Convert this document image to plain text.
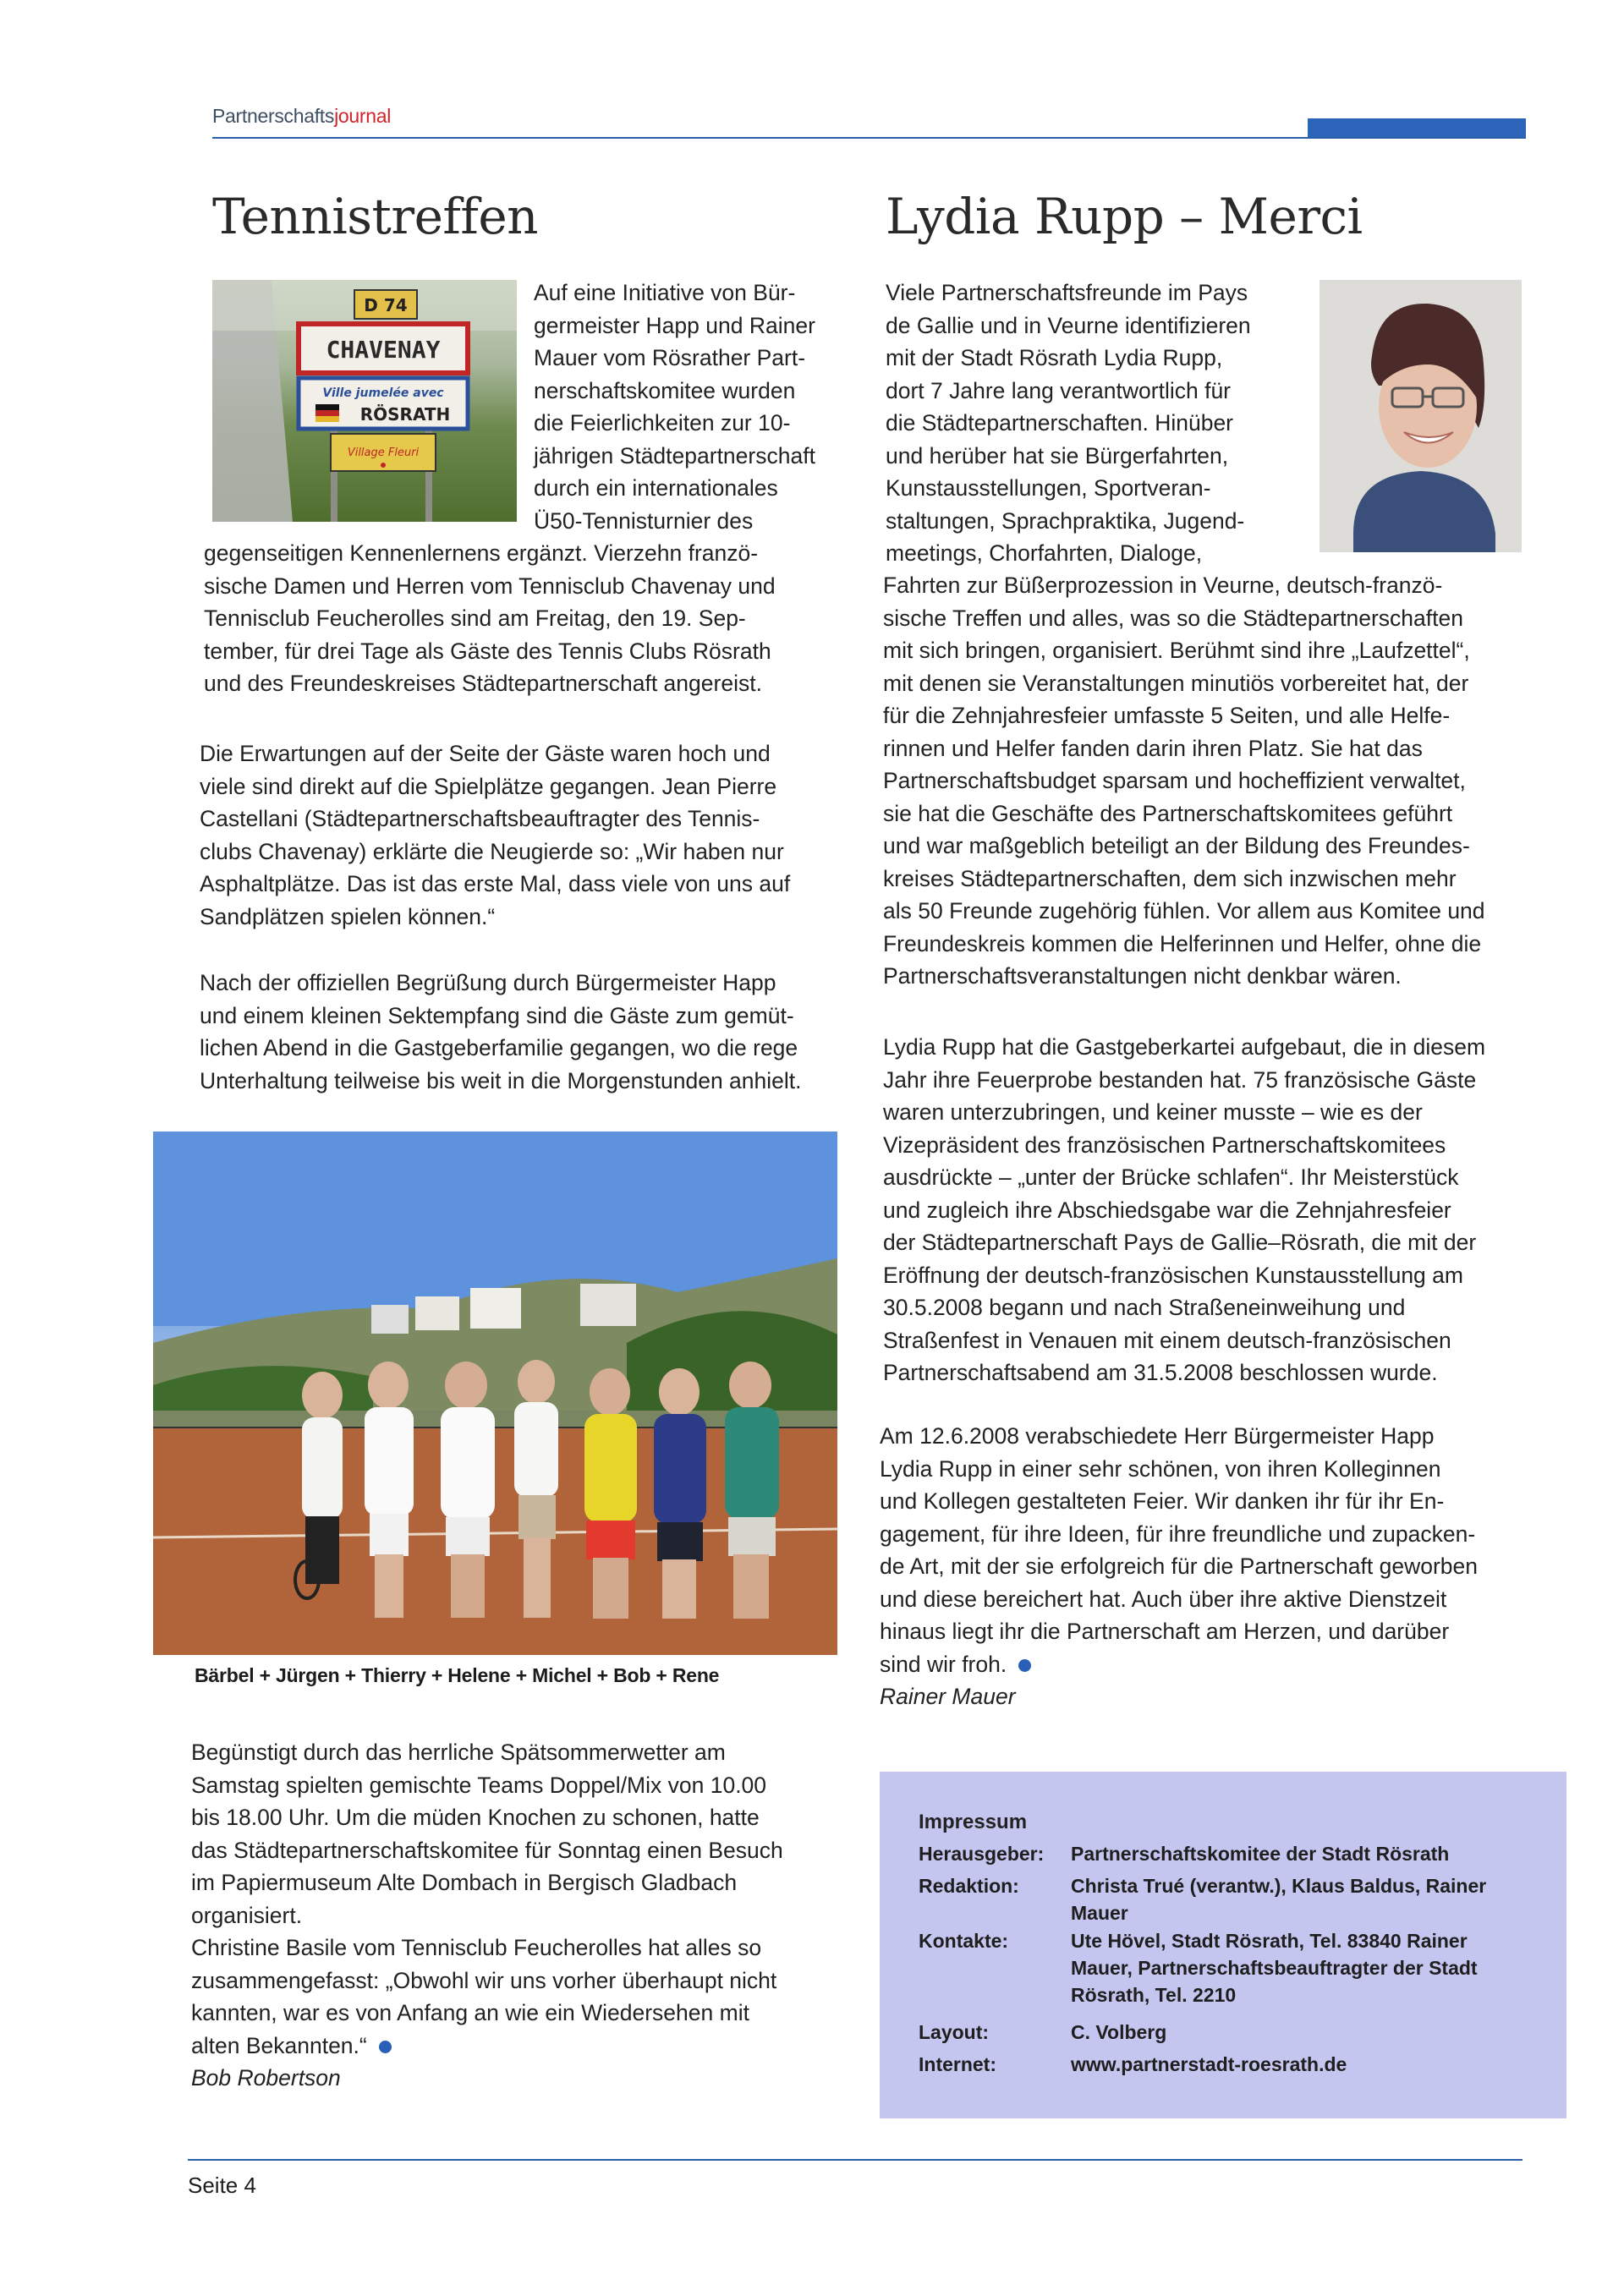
Partnerschaftsjournal
Tennistreffen
D 74
CHAVENAY
Ville jumelée avec
RÖSRATH
Village Fleuri

Auf eine Initiative von Bür-

germeister Happ und Rainer

Mauer vom Rösrather Part-

nerschaftskomitee wurden

die Feierlichkeiten zur 10-

jährigen Städtepartnerschaft

durch ein internationales

Ü50-Tennisturnier des

gegenseitigen Kennenlernens ergänzt. Vierzehn franzö-

sische Damen und Herren vom Tennisclub Chavenay und

Tennisclub Feucherolles sind am Freitag, den 19. Sep-

tember, für drei Tage als Gäste des Tennis Clubs Rösrath

und des Freundeskreises Städtepartnerschaft angereist.

Die Erwartungen auf der Seite der Gäste waren hoch und

viele sind direkt auf die Spielplätze gegangen. Jean Pierre

Castellani (Städtepartnerschaftsbeauftragter des Tennis-

clubs Chavenay) erklärte die Neugierde so: „Wir haben nur

Asphaltplätze. Das ist das erste Mal, dass viele von uns auf

Sandplätzen spielen können.“

Nach der offiziellen Begrüßung durch Bürgermeister Happ

und einem kleinen Sektempfang sind die Gäste zum gemüt-

lichen Abend in die Gastgeberfamilie gegangen, wo die rege

Unterhaltung teilweise bis weit in die Morgenstunden anhielt.

Bärbel + Jürgen + Thierry + Helene + Michel + Bob + Rene

Begünstigt durch das herrliche Spätsommerwetter am

Samstag spielten gemischte Teams Doppel/Mix von 10.00

bis 18.00 Uhr. Um die müden Knochen zu schonen, hatte

das Städtepartnerschaftskomitee für Sonntag einen Besuch

im Papiermuseum Alte Dombach in Bergisch Gladbach

organisiert.

Christine Basile vom Tennisclub Feucherolles hat alles so

zusammengefasst: „Obwohl wir uns vorher überhaupt nicht

kannten, war es von Anfang an wie ein Wiedersehen mit

alten Bekannten.“

Bob Robertson

Lydia Rupp – Merci

Viele Partnerschaftsfreunde im Pays

de Gallie und in Veurne identifizieren

mit der Stadt Rösrath Lydia Rupp,

dort 7 Jahre lang verantwortlich für

die Städtepartnerschaften. Hinüber

und herüber hat sie Bürgerfahrten,

Kunstausstellungen, Sportveran-

staltungen, Sprachpraktika, Jugend-

meetings, Chorfahrten, Dialoge,

Fahrten zur Büßerprozession in Veurne, deutsch-franzö-

sische Treffen und alles, was so die Städtepartnerschaften

mit sich bringen, organisiert. Berühmt sind ihre „Laufzettel“,

mit denen sie Veranstaltungen minutiös vorbereitet hat, der

für die Zehnjahresfeier umfasste 5 Seiten, und alle Helfe-

rinnen und Helfer fanden darin ihren Platz. Sie hat das

Partnerschaftsbudget sparsam und hocheffizient verwaltet,

sie hat die Geschäfte des Partnerschaftskomitees geführt

und war maßgeblich beteiligt an der Bildung des Freundes-

kreises Städtepartnerschaften, dem sich inzwischen mehr

als 50 Freunde zugehörig fühlen. Vor allem aus Komitee und

Freundeskreis kommen die Helferinnen und Helfer, ohne die

Partnerschaftsveranstaltungen nicht denkbar wären.

Lydia Rupp hat die Gastgeberkartei aufgebaut, die in diesem

Jahr ihre Feuerprobe bestanden hat. 75 französische Gäste

waren unterzubringen, und keiner musste – wie es der

Vizepräsident des französischen Partnerschaftskomitees

ausdrückte – „unter der Brücke schlafen“. Ihr Meisterstück

und zugleich ihre Abschiedsgabe war die Zehnjahresfeier

der Städtepartnerschaft Pays de Gallie–Rösrath, die mit der

Eröffnung der deutsch-französischen Kunstausstellung am

30.5.2008 begann und nach Straßeneinweihung und

Straßenfest in Venauen mit einem deutsch-französischen

Partnerschaftsabend am 31.5.2008 beschlossen wurde.

Am 12.6.2008 verabschiedete Herr Bürgermeister Happ

Lydia Rupp in einer sehr schönen, von ihren Kolleginnen

und Kollegen gestalteten Feier. Wir danken ihr für ihr En-

gagement, für ihre Ideen, für ihre freundliche und zupacken-

de Art, mit der sie erfolgreich für die Partnerschaft geworben

und diese bereichert hat. Auch über ihre aktive Dienstzeit

hinaus liegt ihr die Partnerschaft am Herzen, und darüber

sind wir froh.

Rainer Mauer

Impressum
Herausgeber: Partnerschaftskomitee der Stadt Rösrath
Redaktion:	Christa Trué (verantw.), Klaus Baldus, Rainer Mauer
Kontakte:	Ute Hövel, Stadt Rösrath, Tel. 83840 Rainer Mauer, Partnerschaftsbeauftragter der Stadt Rösrath, Tel. 2210
Layout:	C. Volberg
Internet:	www.partnerstadt-roesrath.de
Seite 4
